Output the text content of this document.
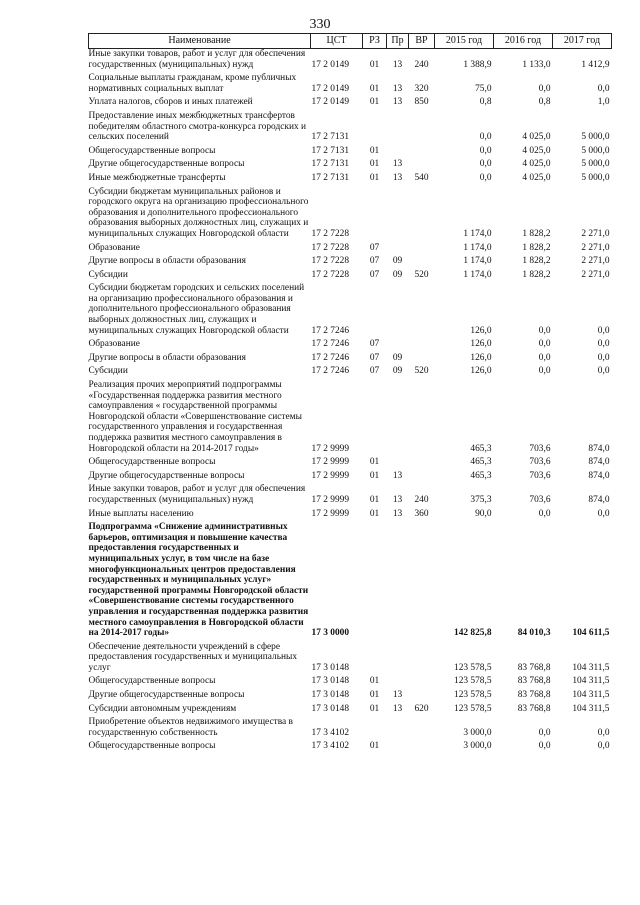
330
Наименование	ЦСТ	РЗ	Пр	ВР	2015 год	2016 год	2017 год
Иные закупки товаров, работ и услуг для обеспечения государственных (муниципальных) нужд	17 2 0149	01	13	240	1 388,9	1 133,0	1 412,9
Социальные выплаты гражданам, кроме публичных нормативных социальных выплат	17 2 0149	01	13	320	75,0	0,0	0,0
Уплата налогов, сборов и иных платежей	17 2 0149	01	13	850	0,8	0,8	1,0
Предоставление иных межбюджетных трансфертов победителям областного смотра-конкурса городских и сельских поселений	17 2 7131				0,0	4 025,0	5 000,0
Общегосударственные вопросы	17 2 7131	01			0,0	4 025,0	5 000,0
Другие общегосударственные вопросы	17 2 7131	01	13		0,0	4 025,0	5 000,0
Иные межбюджетные трансферты	17 2 7131	01	13	540	0,0	4 025,0	5 000,0
Субсидии бюджетам муниципальных районов и городского округа на организацию профессионального образования и дополнительного профессионального образования выборных должностных лиц, служащих и муниципальных служащих Новгородской области	17 2 7228				1 174,0	1 828,2	2 271,0
Образование	17 2 7228	07			1 174,0	1 828,2	2 271,0
Другие вопросы в области образования	17 2 7228	07	09		1 174,0	1 828,2	2 271,0
Субсидии	17 2 7228	07	09	520	1 174,0	1 828,2	2 271,0
Субсидии бюджетам городских и сельских поселений на организацию профессионального образования и дополнительного профессионального образования выборных должностных лиц, служащих и муниципальных служащих Новгородской области	17 2 7246				126,0	0,0	0,0
Образование	17 2 7246	07			126,0	0,0	0,0
Другие вопросы в области образования	17 2 7246	07	09		126,0	0,0	0,0
Субсидии	17 2 7246	07	09	520	126,0	0,0	0,0
Реализация прочих мероприятий подпрограммы «Государственная поддержка развития местного самоуправления « государственной программы Новгородской области «Совершенствование системы государственного управления и государственная поддержка развития местного самоуправления в Новгородской области на 2014-2017 годы»	17 2 9999				465,3	703,6	874,0
Общегосударственные вопросы	17 2 9999	01			465,3	703,6	874,0
Другие общегосударственные вопросы	17 2 9999	01	13		465,3	703,6	874,0
Иные закупки товаров, работ и услуг для обеспечения государственных (муниципальных) нужд	17 2 9999	01	13	240	375,3	703,6	874,0
Иные выплаты населению	17 2 9999	01	13	360	90,0	0,0	0,0
Подпрограмма «Снижение административных барьеров, оптимизация и повышение качества предоставления государственных и муниципальных услуг, в том числе на базе многофункциональных центров предоставления государственных и муниципальных услуг» государственной программы Новгородской области «Совершенствование системы государственного управления и государственная поддержка развития местного самоуправления в Новгородской области на 2014-2017 годы»	17 3 0000				142 825,8	84 010,3	104 611,5
Обеспечение деятельности учреждений в сфере предоставления государственных и муниципальных услуг	17 3 0148				123 578,5	83 768,8	104 311,5
Общегосударственные вопросы	17 3 0148	01			123 578,5	83 768,8	104 311,5
Другие общегосударственные вопросы	17 3 0148	01	13		123 578,5	83 768,8	104 311,5
Субсидии автономным учреждениям	17 3 0148	01	13	620	123 578,5	83 768,8	104 311,5
Приобретение объектов недвижимого имущества в государственную собственность	17 3 4102				3 000,0	0,0	0,0
Общегосударственные вопросы	17 3 4102	01			3 000,0	0,0	0,0
